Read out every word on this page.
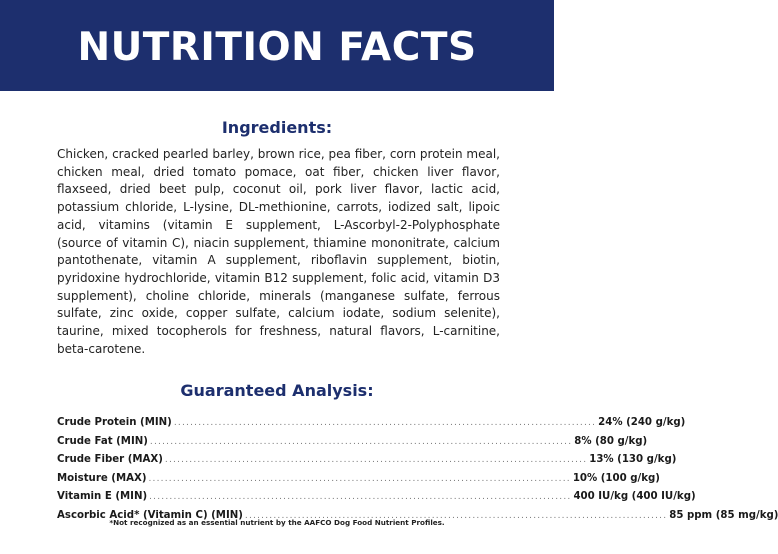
NUTRITION FACTS
Ingredients:
Chicken, cracked pearled barley, brown rice, pea fiber, corn protein meal, chicken meal, dried tomato pomace, oat fiber, chicken liver flavor, flaxseed, dried beet pulp, coconut oil, pork liver flavor, lactic acid, potassium chloride, L-lysine, DL-methionine, carrots, iodized salt, lipoic acid, vitamins (vitamin E supplement, L-Ascorbyl-2-Polyphosphate (source of vitamin C), niacin supplement, thiamine mononitrate, calcium pantothenate, vitamin A supplement, riboflavin supplement, biotin, pyridoxine hydrochloride, vitamin B12 supplement, folic acid, vitamin D3 supplement), choline chloride, minerals (manganese sulfate, ferrous sulfate, zinc oxide, copper sulfate, calcium iodate, sodium selenite), taurine, mixed tocopherols for freshness, natural flavors, L-carnitine, beta-carotene.
Guaranteed Analysis:
Crude Protein (MIN) ........................................................................................................ 24% (240 g/kg)
Crude Fat (MIN) ........................................................................................................ 8% (80 g/kg)
Crude Fiber (MAX) ........................................................................................................ 13% (130 g/kg)
Moisture (MAX) ........................................................................................................ 10% (100 g/kg)
Vitamin E (MIN) ........................................................................................................ 400 IU/kg (400 IU/kg)
Ascorbic Acid* (Vitamin C) (MIN) ........................................................................................................ 85 ppm (85 mg/kg)
*Not recognized as an essential nutrient by the AAFCO Dog Food Nutrient Profiles.
